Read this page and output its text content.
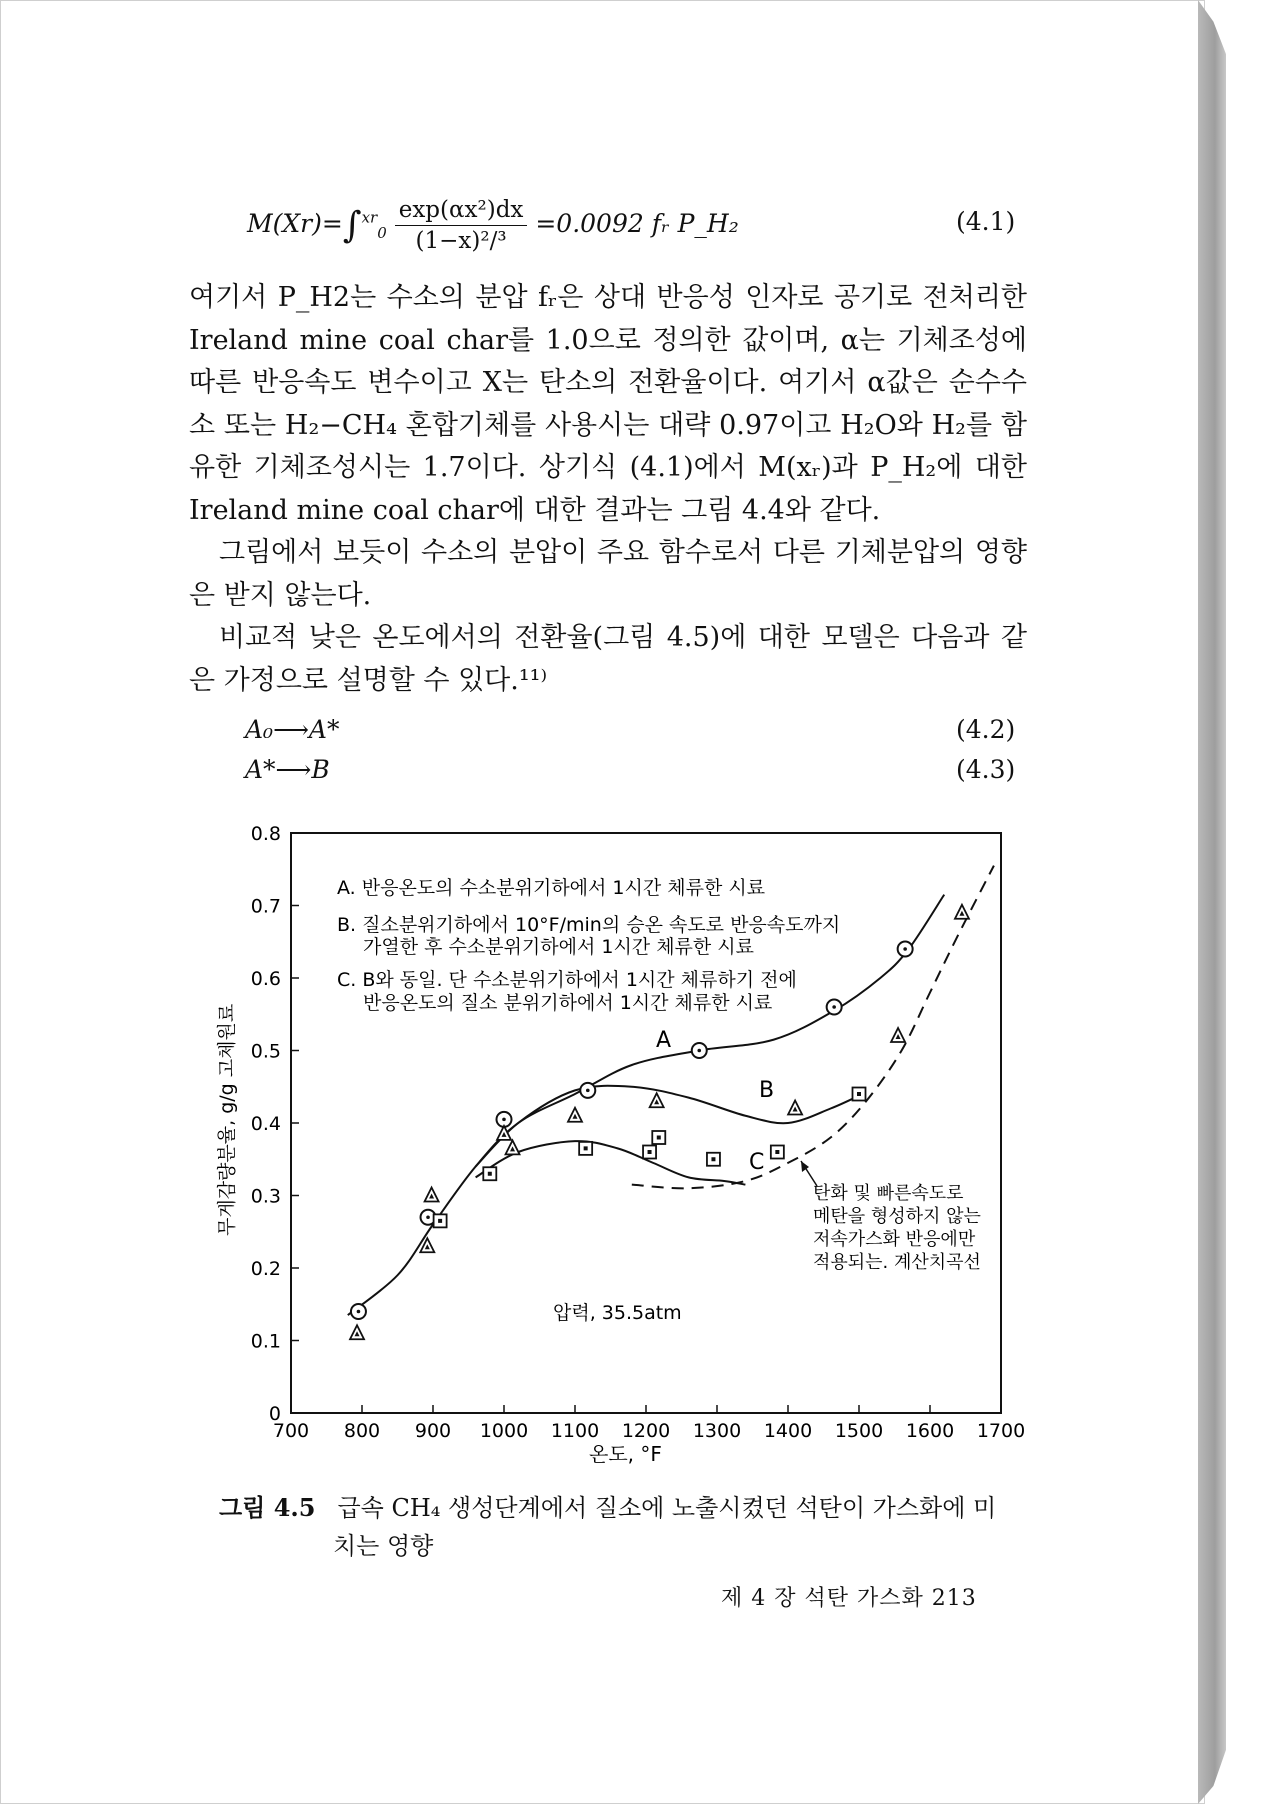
$M(Xr)=\int^{xr}_0 \frac{\text{exp(αx²)dx}}{\text{(1−x)²/³}} =0.0092$ fᵣ P_H₂	(4.1)

여기서 P_H2는 수소의 분압 fᵣ은 상대 반응성 인자로 공기로 전처리한 Ireland mine coal char를 1.0으로 정의한 값이며, α는 기체조성에 따른 반응속도 변수이고 X는 탄소의 전환율이다. 여기서 α값은 순수수소 또는 H₂−CH₄ 혼합기체를 사용시는 대략 0.97이고 H₂O와 H₂를 함유한 기체조성시는 1.7이다. 상기식 (4.1)에서 M(xᵣ)과 P_H₂에 대한 Ireland mine coal char에 대한 결과는 그림 4.4와 같다.

그림에서 보듯이 수소의 분압이 주요 함수로서 다른 기체분압의 영향은 받지 않는다.

비교적 낮은 온도에서의 전환율(그림 4.5)에 대한 모델은 다음과 같은 가정으로 설명할 수 있다.¹¹⁾

A₀⟶A*	(4.2)
A*⟶B	(4.3)
700 800 900 1000 1100 1200 1300 1400 1500 1600 1700
0
0.1
0.2
0.3
0.4
0.5
0.6
0.7
0.8
A. 반응온도의 수소분위기하에서 1시간 체류한 시료
B. 질소분위기하에서 10°F/min의 승온 속도로 반응속도까지
가열한 후 수소분위기하에서 1시간 체류한 시료
C. B와 동일. 단 수소분위기하에서 1시간 체류하기 전에
반응온도의 질소 분위기하에서 1시간 체류한 시료
A
B
C
압력, 35.5atm
탄화 및 빠른속도로
메탄을 형성하지 않는
저속가스화 반응에만
적용되는. 계산치곡선
온도, °F
무게감량분율, g/g 고체원료
그림 4.5 급속 CH₄ 생성단계에서 질소에 노출시켰던 석탄이 가스화에 미
치는 영향
제 4 장 석탄 가스화 213
